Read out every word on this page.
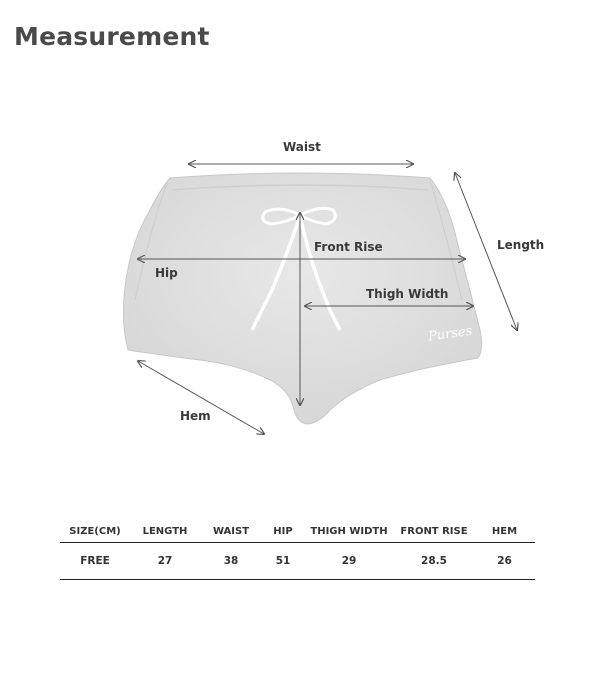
Measurement
Purses
Waist
Length
Front Rise
Hip
Thigh Width
Hem
SIZE(CM)	LENGTH	WAIST	HIP	THIGH WIDTH	FRONT RISE	HEM
FREE	27	38	51	29	28.5	26
